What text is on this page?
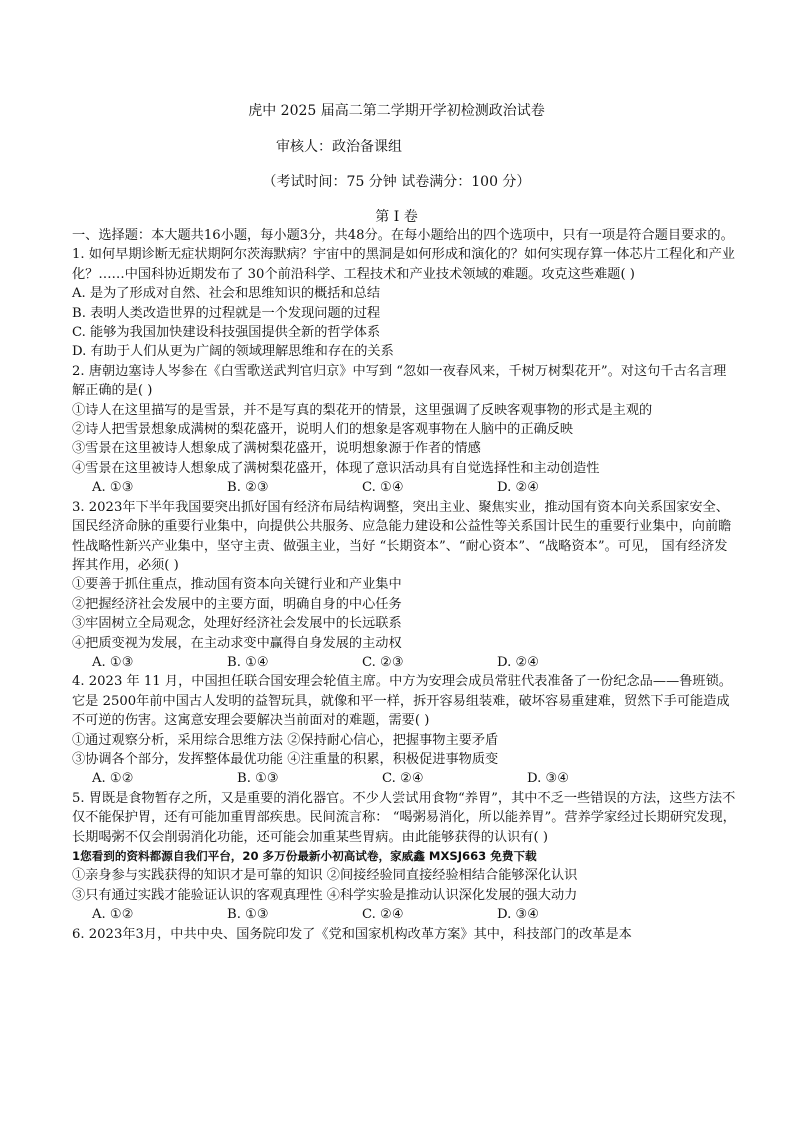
虎中 2025 届高二第二学期开学初检测政治试卷
审核人：政治备课组
（考试时间：75 分钟 试卷满分：100 分）
第 Ⅰ 卷

一、选择题：本大题共16小题，每小题3分，共48分。在每小题给出的四个选项中，只有一项是符合题目要求的。

1. 如何早期诊断无症状期阿尔茨海默病？宇宙中的黑洞是如何形成和演化的？如何实现存算一体芯片工程化和产业化？……中国科协近期发布了 30个前沿科学、工程技术和产业技术领域的难题。攻克这些难题( )

A. 是为了形成对自然、社会和思维知识的概括和总结

B. 表明人类改造世界的过程就是一个发现问题的过程

C. 能够为我国加快建设科技强国提供全新的哲学体系

D. 有助于人们从更为广阔的领域理解思维和存在的关系

2. 唐朝边塞诗人岑参在《白雪歌送武判官归京》中写到 “忽如一夜春风来，千树万树梨花开”。对这句千古名言理解正确的是( )

①诗人在这里描写的是雪景，并不是写真的梨花开的情景，这里强调了反映客观事物的形式是主观的

②诗人把雪景想象成满树的梨花盛开，说明人们的想象是客观事物在人脑中的正确反映

③雪景在这里被诗人想象成了满树梨花盛开，说明想象源于作者的情感

④雪景在这里被诗人想象成了满树梨花盛开，体现了意识活动具有自觉选择性和主动创造性

A. ①③	B. ②③	C. ①④	D. ②④

3. 2023年下半年我国要突出抓好国有经济布局结构调整，突出主业、聚焦实业，推动国有资本向关系国家安全、国民经济命脉的重要行业集中，向提供公共服务、应急能力建设和公益性等关系国计民生的重要行业集中，向前瞻性战略性新兴产业集中，坚守主责、做强主业，当好 “长期资本”、“耐心资本”、“战略资本”。可见， 国有经济发挥其作用，必须( )

①要善于抓住重点，推动国有资本向关键行业和产业集中

②把握经济社会发展中的主要方面，明确自身的中心任务

③牢固树立全局观念，处理好经济社会发展中的长远联系

④把质变视为发展，在主动求变中赢得自身发展的主动权

A. ①③	B. ①④	C. ②③	D. ②④

4. 2023 年 11 月，中国担任联合国安理会轮值主席。中方为安理会成员常驻代表准备了一份纪念品——鲁班锁。它是 2500年前中国古人发明的益智玩具，就像和平一样，拆开容易组装难，破坏容易重建难，贸然下手可能造成不可逆的伤害。这寓意安理会要解决当前面对的难题，需要( )

①通过观察分析，采用综合思维方法 ②保持耐心信心，把握事物主要矛盾

③协调各个部分，发挥整体最优功能 ④注重量的积累，积极促进事物质变

A. ①②	B. ①③	C. ②④	D. ③④

5. 胃既是食物暂存之所，又是重要的消化器官。不少人尝试用食物“养胃”，其中不乏一些错误的方法，这些方法不仅不能保护胃，还有可能加重胃部疾患。民间流言称： “喝粥易消化，所以能养胃”。营养学家经过长期研究发现，长期喝粥不仅会削弱消化功能，还可能会加重某些胃病。由此能够获得的认识有( )

1您看到的资料都源自我们平台，20 多万份最新小初高试卷，家威鑫 MXSJ663 免费下载

①亲身参与实践获得的知识才是可靠的知识 ②间接经验同直接经验相结合能够深化认识

③只有通过实践才能验证认识的客观真理性 ④科学实验是推动认识深化发展的强大动力

A. ①②	B. ①③	C. ②④	D. ③④

6. 2023年3月，中共中央、国务院印发了《党和国家机构改革方案》其中，科技部门的改革是本
